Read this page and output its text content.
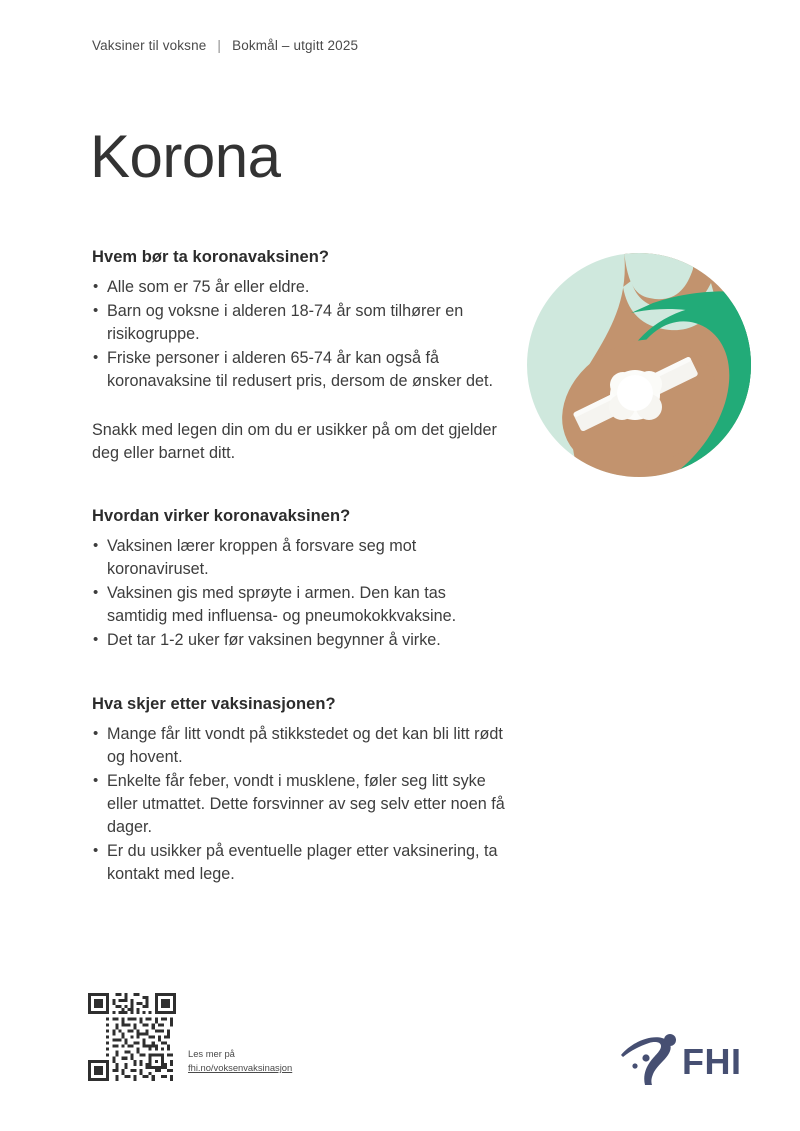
Vaksiner til voksne | Bokmål – utgitt 2025
Korona
Hvem bør ta koronavaksinen?
• Alle som er 75 år eller eldre.
• Barn og voksne i alderen 18-74 år som tilhører en risikogruppe.
• Friske personer i alderen 65-74 år kan også få koronavaksine til redusert pris, dersom de ønsker det.
Snakk med legen din om du er usikker på om det gjelder deg eller barnet ditt.
Hvordan virker koronavaksinen?
• Vaksinen lærer kroppen å forsvare seg mot koronaviruset.
• Vaksinen gis med sprøyte i armen. Den kan tas samtidig med influensa- og pneumokokkvaksine.
• Det tar 1-2 uker før vaksinen begynner å virke.
Hva skjer etter vaksinasjonen?
• Mange får litt vondt på stikkstedet og det kan bli litt rødt og hovent.
• Enkelte får feber, vondt i musklene, føler seg litt syke eller utmattet. Dette forsvinner av seg selv etter noen få dager.
• Er du usikker på eventuelle plager etter vaksinering, ta kontakt med lege.
Les mer på
fhi.no/voksenvaksinasjon	FHI
